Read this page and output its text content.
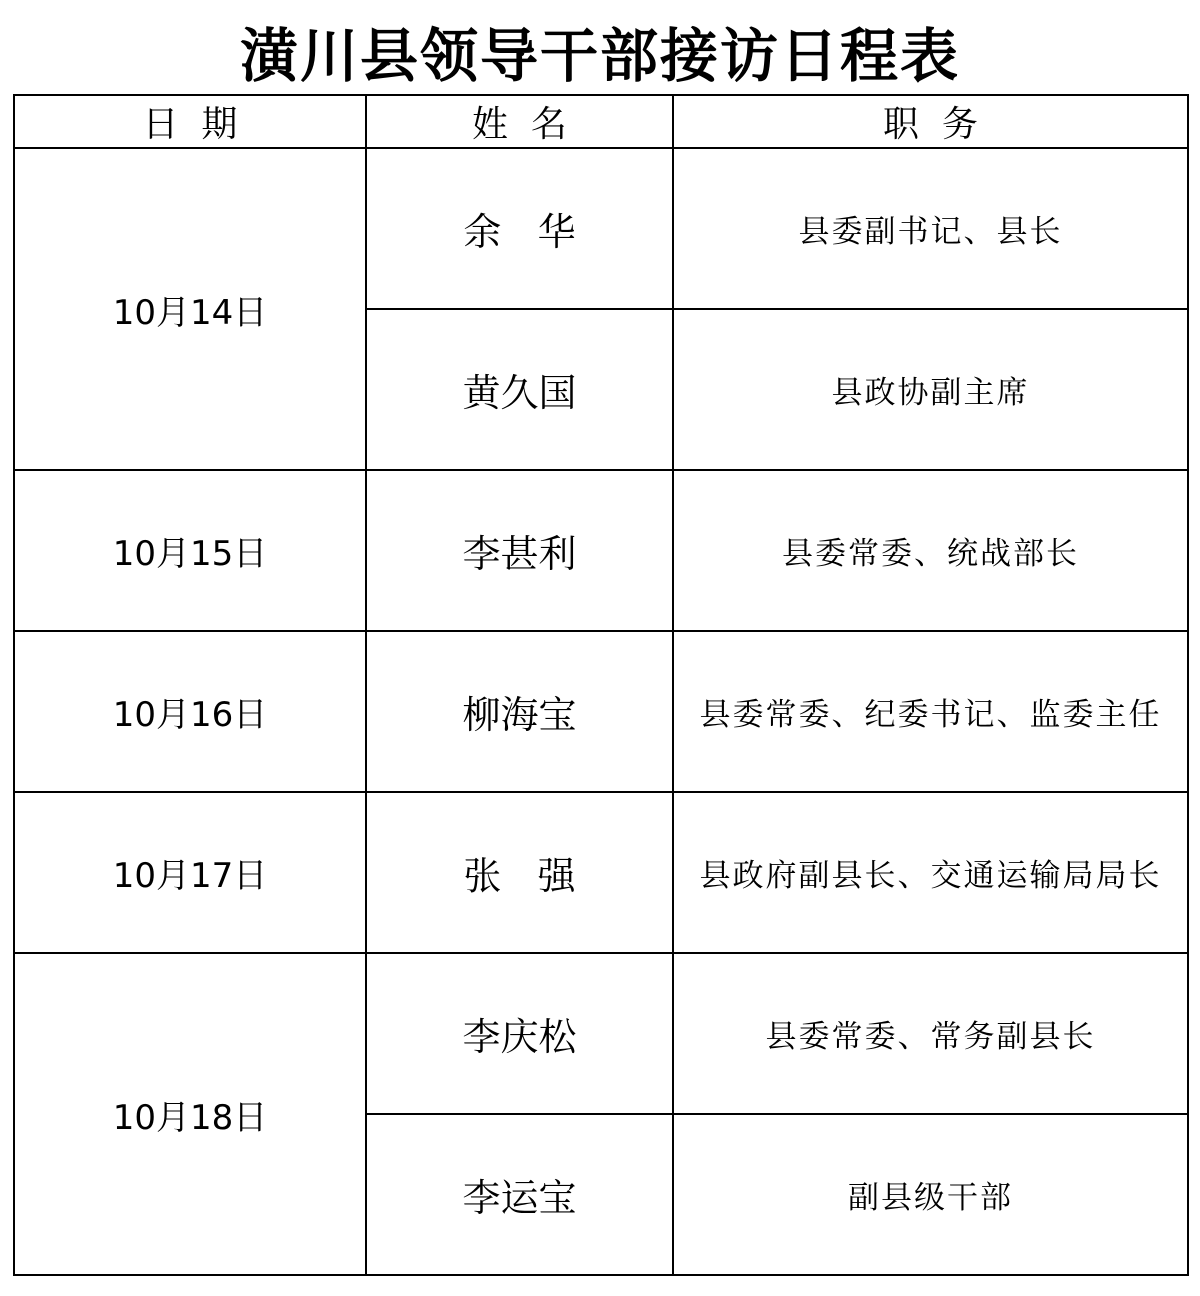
潢川县领导干部接访日程表
日  期	姓  名	职  务
10月14日	余   华	县委副书记、县长
	黄久国	县政协副主席
10月15日	李甚利	县委常委、统战部长
10月16日	柳海宝	县委常委、纪委书记、监委主任
10月17日	张   强	县政府副县长、交通运输局局长
10月18日	李庆松	县委常委、常务副县长
	李运宝	副县级干部
